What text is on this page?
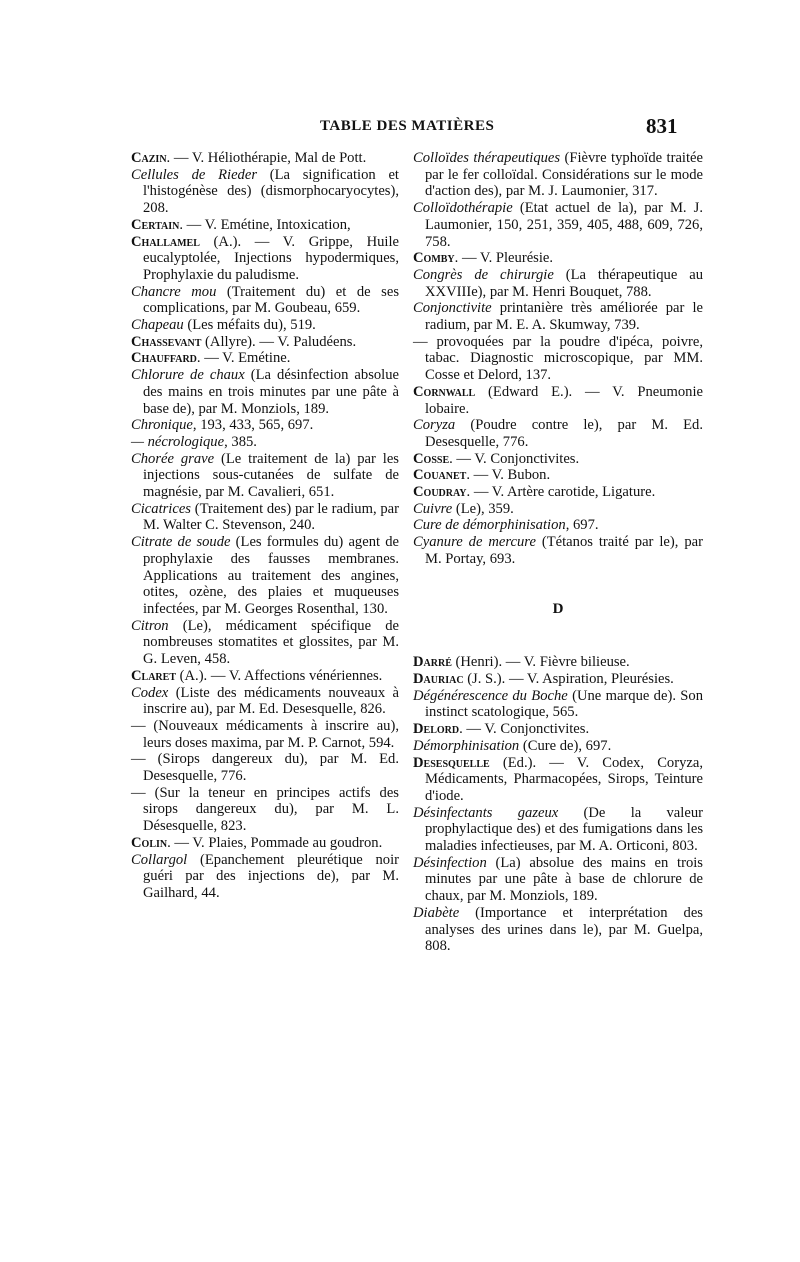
TABLE DES MATIÈRES	831

Cazin. — V. Héliothérapie, Mal de Pott.

Cellules de Rieder (La signification et l'histogénèse des) (dismorphocaryocytes), 208.

Certain. — V. Emétine, Intoxication,

Challamel (A.). — V. Grippe, Huile eucalyptolée, Injections hypodermiques, Prophylaxie du paludisme.

Chancre mou (Traitement du) et de ses complications, par M. Goubeau, 659.

Chapeau (Les méfaits du), 519.

Chassevant (Allyre). — V. Paludéens.

Chauffard. — V. Emétine.

Chlorure de chaux (La désinfection absolue des mains en trois minutes par une pâte à base de), par M. Monziols, 189.

Chronique, 193, 433, 565, 697.

— nécrologique, 385.

Chorée grave (Le traitement de la) par les injections sous-cutanées de sulfate de magnésie, par M. Cavalieri, 651.

Cicatrices (Traitement des) par le radium, par M. Walter C. Stevenson, 240.

Citrate de soude (Les formules du) agent de prophylaxie des fausses membranes. Applications au traitement des angines, otites, ozène, des plaies et muqueuses infectées, par M. Georges Rosenthal, 130.

Citron (Le), médicament spécifique de nombreuses stomatites et glossites, par M. G. Leven, 458.

Claret (A.). — V. Affections vénériennes.

Codex (Liste des médicaments nouveaux à inscrire au), par M. Ed. Desesquelle, 826.

— (Nouveaux médicaments à inscrire au), leurs doses maxima, par M. P. Carnot, 594.

— (Sirops dangereux du), par M. Ed. Desesquelle, 776.

— (Sur la teneur en principes actifs des sirops dangereux du), par M. L. Désesquelle, 823.

Colin. — V. Plaies, Pommade au goudron.

Collargol (Epanchement pleurétique noir guéri par des injections de), par M. Gailhard, 44.

Colloïdes thérapeutiques (Fièvre typhoïde traitée par le fer colloïdal. Considérations sur le mode d'action des), par M. J. Laumonier, 317.

Colloïdothérapie (Etat actuel de la), par M. J. Laumonier, 150, 251, 359, 405, 488, 609, 726, 758.

Comby. — V. Pleurésie.

Congrès de chirurgie (La thérapeutique au XXVIIIe), par M. Henri Bouquet, 788.

Conjonctivite printanière très améliorée par le radium, par M. E. A. Skumway, 739.

— provoquées par la poudre d'ipéca, poivre, tabac. Diagnostic microscopique, par MM. Cosse et Delord, 137.

Cornwall (Edward E.). — V. Pneumonie lobaire.

Coryza (Poudre contre le), par M. Ed. Desesquelle, 776.

Cosse. — V. Conjonctivites.

Couanet. — V. Bubon.

Coudray. — V. Artère carotide, Ligature.

Cuivre (Le), 359.

Cure de démorphinisation, 697.

Cyanure de mercure (Tétanos traité par le), par M. Portay, 693.

D

Darré (Henri). — V. Fièvre bilieuse.

Dauriac (J. S.). — V. Aspiration, Pleurésies.

Dégénérescence du Boche (Une marque de). Son instinct scatologique, 565.

Delord. — V. Conjonctivites.

Démorphinisation (Cure de), 697.

Desesquelle (Ed.). — V. Codex, Coryza, Médicaments, Pharmacopées, Sirops, Teinture d'iode.

Désinfectants gazeux (De la valeur prophylactique des) et des fumigations dans les maladies infectieuses, par M. A. Orticoni, 803.

Désinfection (La) absolue des mains en trois minutes par une pâte à base de chlorure de chaux, par M. Monziols, 189.

Diabète (Importance et interprétation des analyses des urines dans le), par M. Guelpa, 808.
